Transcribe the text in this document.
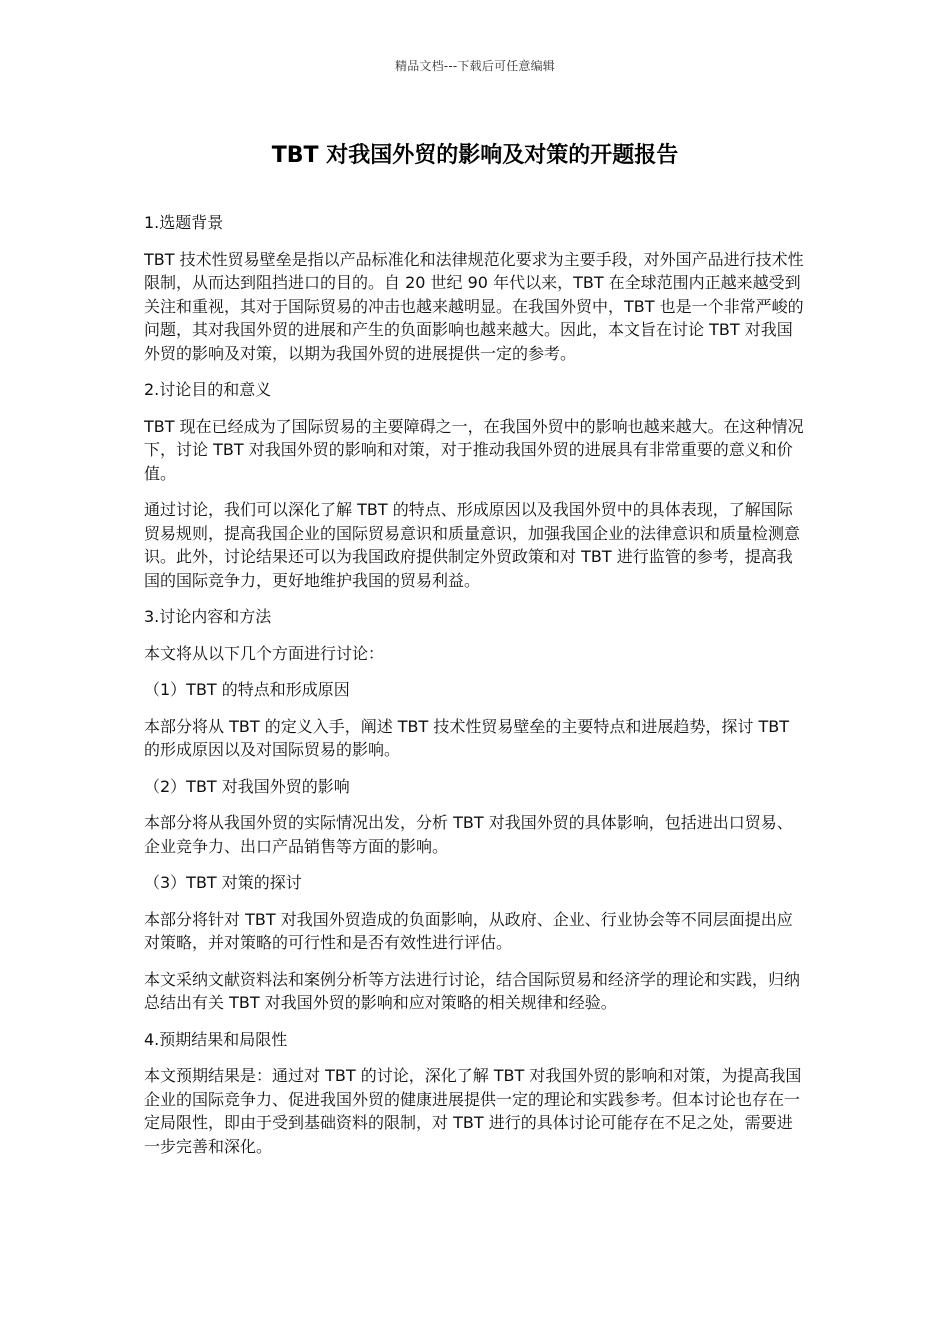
精品文档---下载后可任意编辑
TBT 对我国外贸的影响及对策的开题报告

1.选题背景

TBT 技术性贸易壁垒是指以产品标准化和法律规范化要求为主要手段，对外国产品进行技术性限制，从而达到阻挡进口的目的。自 20 世纪 90 年代以来，TBT 在全球范围内正越来越受到关注和重视，其对于国际贸易的冲击也越来越明显。在我国外贸中，TBT 也是一个非常严峻的问题，其对我国外贸的进展和产生的负面影响也越来越大。因此，本文旨在讨论 TBT 对我国外贸的影响及对策，以期为我国外贸的进展提供一定的参考。

2.讨论目的和意义

TBT 现在已经成为了国际贸易的主要障碍之一，在我国外贸中的影响也越来越大。在这种情况下，讨论 TBT 对我国外贸的影响和对策，对于推动我国外贸的进展具有非常重要的意义和价值。

通过讨论，我们可以深化了解 TBT 的特点、形成原因以及我国外贸中的具体表现，了解国际贸易规则，提高我国企业的国际贸易意识和质量意识，加强我国企业的法律意识和质量检测意识。此外，讨论结果还可以为我国政府提供制定外贸政策和对 TBT 进行监管的参考，提高我国的国际竞争力，更好地维护我国的贸易利益。

3.讨论内容和方法

本文将从以下几个方面进行讨论：

（1）TBT 的特点和形成原因

本部分将从 TBT 的定义入手，阐述 TBT 技术性贸易壁垒的主要特点和进展趋势，探讨 TBT 的形成原因以及对国际贸易的影响。

（2）TBT 对我国外贸的影响

本部分将从我国外贸的实际情况出发，分析 TBT 对我国外贸的具体影响，包括进出口贸易、企业竞争力、出口产品销售等方面的影响。

（3）TBT 对策的探讨

本部分将针对 TBT 对我国外贸造成的负面影响，从政府、企业、行业协会等不同层面提出应对策略，并对策略的可行性和是否有效性进行评估。

本文采纳文献资料法和案例分析等方法进行讨论，结合国际贸易和经济学的理论和实践，归纳总结出有关 TBT 对我国外贸的影响和应对策略的相关规律和经验。

4.预期结果和局限性

本文预期结果是：通过对 TBT 的讨论，深化了解 TBT 对我国外贸的影响和对策，为提高我国企业的国际竞争力、促进我国外贸的健康进展提供一定的理论和实践参考。但本讨论也存在一定局限性，即由于受到基础资料的限制，对 TBT 进行的具体讨论可能存在不足之处，需要进一步完善和深化。
